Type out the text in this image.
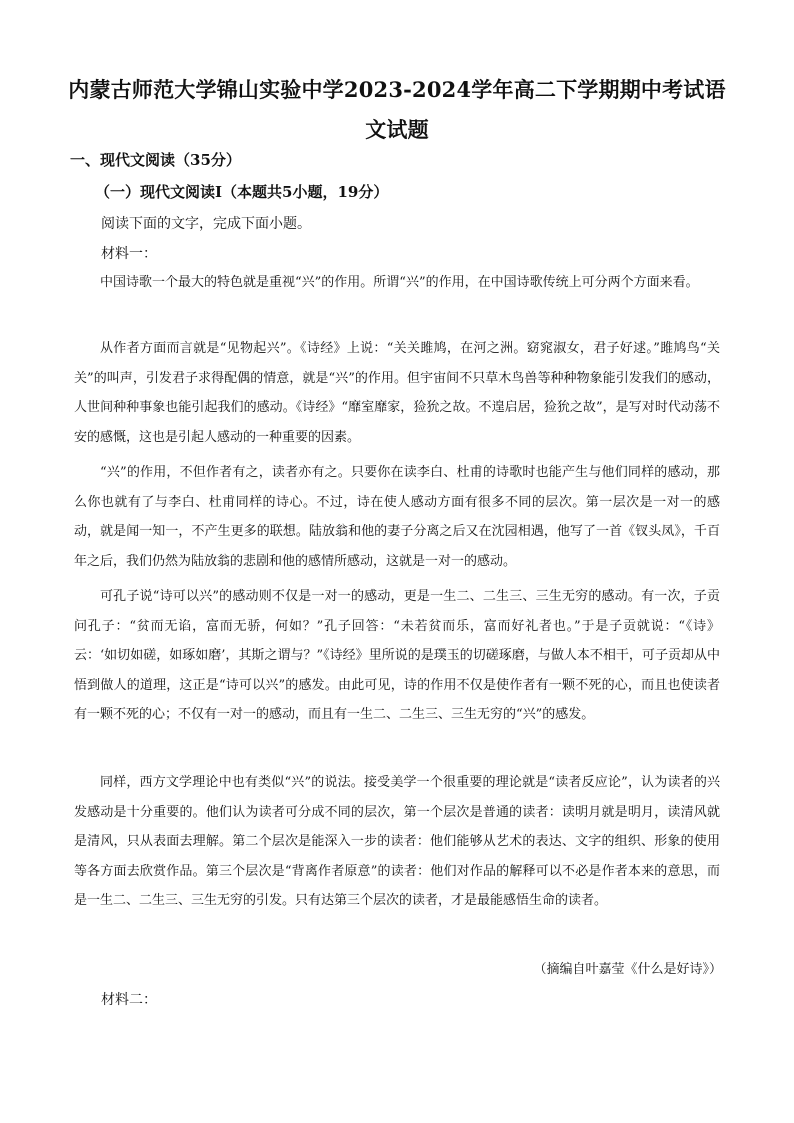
内蒙古师范大学锦山实验中学2023-2024学年高二下学期期中考试语文试题
一、现代文阅读（35分）
（一）现代文阅读Ⅰ（本题共5小题，19分）
阅读下面的文字，完成下面小题。
材料一：
中国诗歌一个最大的特色就是重视“兴”的作用。所谓“兴”的作用，在中国诗歌传统上可分两个方面来看。
从作者方面而言就是“见物起兴”。《诗经》上说：“关关雎鸠，在河之洲。窈窕淑女，君子好逑。”雎鸠鸟“关关”的叫声，引发君子求得配偶的情意，就是“兴”的作用。但宇宙间不只草木鸟兽等种种物象能引发我们的感动，人世间种种事象也能引起我们的感动。《诗经》“靡室靡家，猃狁之故。不遑启居，猃狁之故”，是写对时代动荡不安的感慨，这也是引起人感动的一种重要的因素。
“兴”的作用，不但作者有之，读者亦有之。只要你在读李白、杜甫的诗歌时也能产生与他们同样的感动，那么你也就有了与李白、杜甫同样的诗心。不过，诗在使人感动方面有很多不同的层次。第一层次是一对一的感动，就是闻一知一，不产生更多的联想。陆放翁和他的妻子分离之后又在沈园相遇，他写了一首《钗头凤》，千百年之后，我们仍然为陆放翁的悲剧和他的感情所感动，这就是一对一的感动。
可孔子说“诗可以兴”的感动则不仅是一对一的感动，更是一生二、二生三、三生无穷的感动。有一次，子贡问孔子：“贫而无谄，富而无骄，何如？”孔子回答：“未若贫而乐，富而好礼者也。”于是子贡就说：“《诗》云：‘如切如磋，如琢如磨’，其斯之谓与？”《诗经》里所说的是璞玉的切磋琢磨，与做人本不相干，可子贡却从中悟到做人的道理，这正是“诗可以兴”的感发。由此可见，诗的作用不仅是使作者有一颗不死的心，而且也使读者有一颗不死的心；不仅有一对一的感动，而且有一生二、二生三、三生无穷的“兴”的感发。
同样，西方文学理论中也有类似“兴”的说法。接受美学一个很重要的理论就是“读者反应论”，认为读者的兴发感动是十分重要的。他们认为读者可分成不同的层次，第一个层次是普通的读者：读明月就是明月，读清风就是清风，只从表面去理解。第二个层次是能深入一步的读者：他们能够从艺术的表达、文字的组织、形象的使用等各方面去欣赏作品。第三个层次是“背离作者原意”的读者：他们对作品的解释可以不必是作者本来的意思，而是一生二、二生三、三生无穷的引发。只有达第三个层次的读者，才是最能感悟生命的读者。
（摘编自叶嘉莹《什么是好诗》）
材料二：
